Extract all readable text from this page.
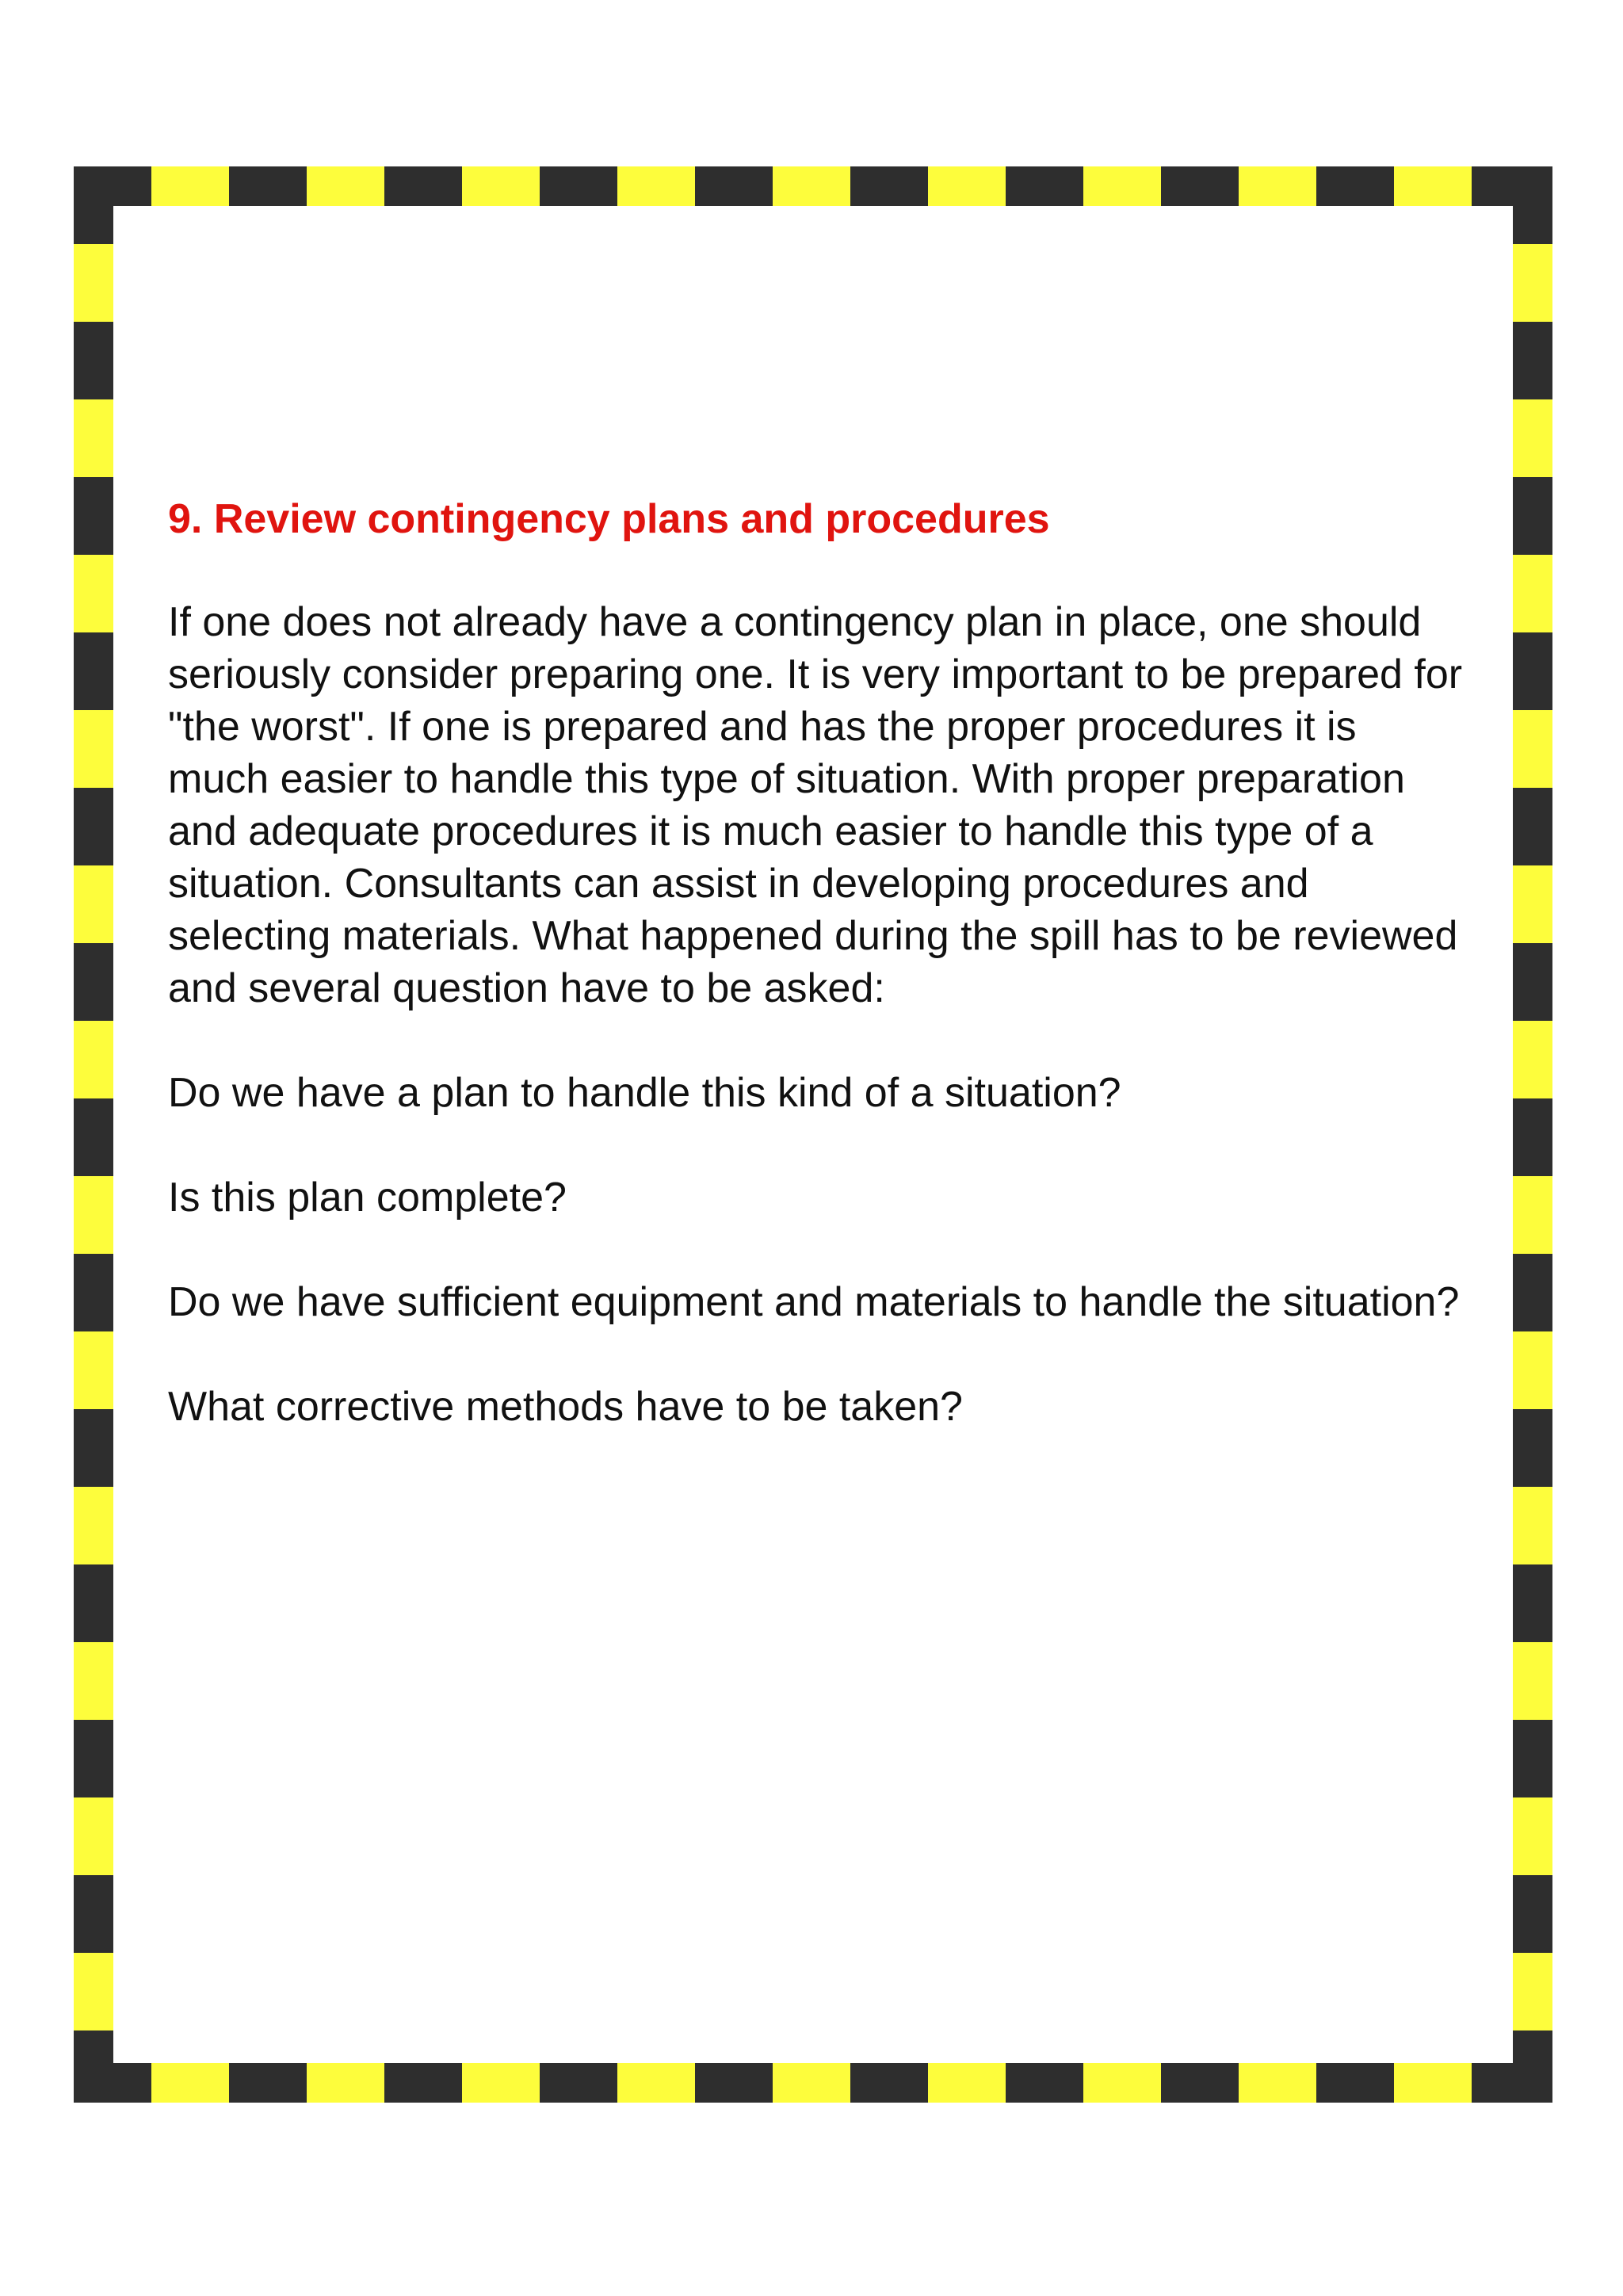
9. Review contingency plans and procedures

If one does not already have a contingency plan in place, one should seriously consider preparing one. It is very important to be prepared for "the worst". If one is prepared and has the proper procedures it is much easier to handle this type of situation. With proper preparation and adequate procedures it is much easier to handle this type of a situation. Consultants can assist in developing procedures and selecting materials. What happened during the spill has to be reviewed and several question have to be asked:

Do we have a plan to handle this kind of a situation?

Is this plan complete?

Do we have sufficient equipment and materials to handle the situation?

What corrective methods have to be taken?
